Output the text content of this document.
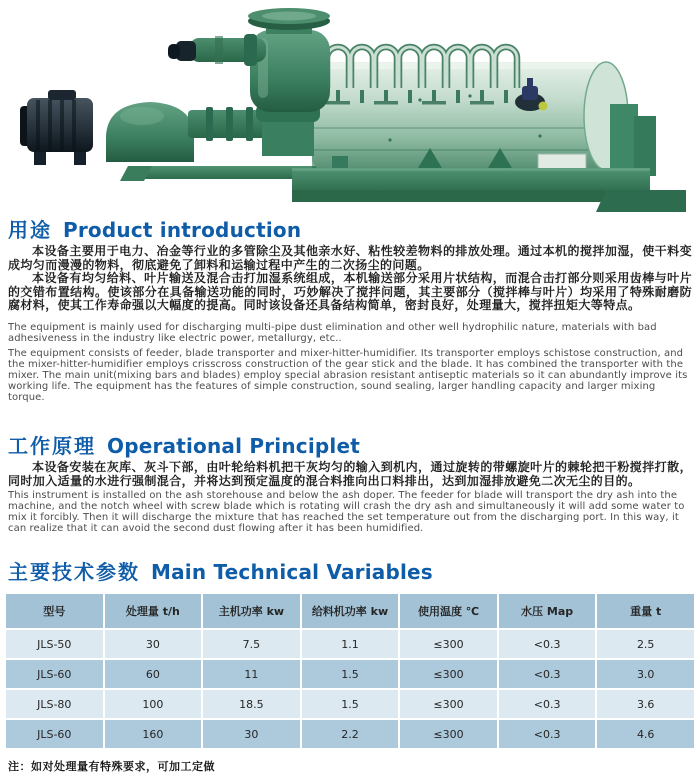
用途 Product introduction

本设备主要用于电力、冶金等行业的多管除尘及其他亲水好、粘性较差物料的排放处理。通过本机的搅拌加湿，使干料变成均匀而漫漫的物料，彻底避免了卸料和运输过程中产生的二次扬尘的问题。

本设备有均匀给料、叶片输送及混合击打加湿系统组成，本机输送部分采用片状结构，而混合击打部分则采用齿棒与叶片的交错布置结构。使该部分在具备输送功能的同时，巧妙解决了搅拌问题，其主要部分（搅拌棒与叶片）均采用了特殊耐磨防腐材料，使其工作寿命强以大幅度的提高。同时该设备还具备结构简单，密封良好，处理量大，搅拌扭矩大等特点。

The equipment is mainly used for discharging multi-pipe dust elimination and other well hydrophilic nature, materials with bad adhesiveness in the industry like electric power, metallurgy, etc..

The equipment consists of feeder, blade transporter and mixer-hitter-humidifier. Its transporter employs schistose construction, and the mixer-hitter-humidifier employs crisscross construction of the gear stick and the blade. It has combined the transporter with the mixer. The main unit(mixing bars and blades) employ special abrasion resistant antiseptic materials so it can abundantly improve its working life. The equipment has the features of simple construction, sound sealing, larger handling capacity and larger mixing torque.

工作原理 Operational Principlet

本设备安装在灰库、灰斗下部，由叶轮给料机把干灰均匀的输入到机内，通过旋转的带螺旋叶片的棘轮把干粉搅拌打散，同时加入适量的水进行强制混合，并将达到预定温度的混合料推向出口料排出，达到加湿排放避免二次无尘的目的。

This instrument is installed on the ash storehouse and below the ash doper. The feeder for blade will transport the dry ash into the machine, and the notch wheel with screw blade which is rotating will crash the dry ash and simultaneously it will add some water to mix it forcibly. Then it will discharge the mixture that has reached the set temperature out from the discharging port. In this way, it can realize that it can avoid the second dust flowing after it has been humidified.

主要技术参数 Main Technical Variables
型号	处理量 t/h	主机功率 kw	给料机功率 kw	使用温度 ℃	水压 Map	重量 t
JLS-50	30	7.5	1.1	≤300	<0.3	2.5
JLS-60	60	11	1.5	≤300	<0.3	3.0
JLS-80	100	18.5	1.5	≤300	<0.3	3.6
JLS-60	160	30	2.2	≤300	<0.3	4.6

注：如对处理量有特殊要求，可加工定做
